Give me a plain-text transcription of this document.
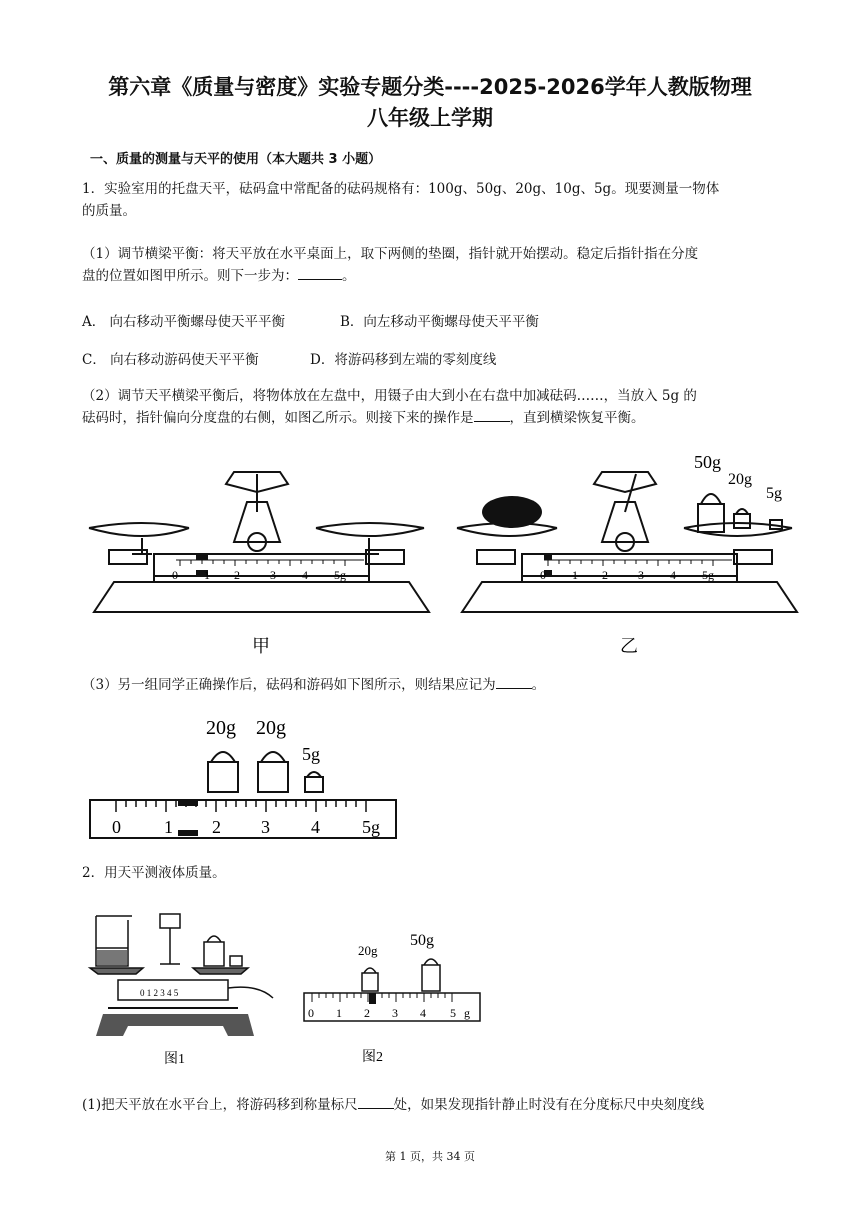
第六章《质量与密度》实验专题分类----2025-2026学年人教版物理
八年级上学期
一、质量的测量与天平的使用（本大题共 3 小题）
1．实验室用的托盘天平，砝码盒中常配备的砝码规格有：100g、50g、20g、10g、5g。现要测量一物体
的质量。
（1）调节横梁平衡：将天平放在水平桌面上，取下两侧的垫圈，指针就开始摆动。稳定后指针指在分度
盘的位置如图甲所示。则下一步为：	。
A． 向右移动平衡螺母使天平平衡	B．向左移动平衡螺母使天平平衡
C． 向右移动游码使天平平衡	D．将游码移到左端的零刻度线
（2）调节天平横梁平衡后，将物体放在左盘中，用镊子由大到小在右盘中加减砝码……，当放入 5g 的
砝码时，指针偏向分度盘的右侧，如图乙所示。则接下来的操作是	，直到横梁恢复平衡。
0 1 2	3 4 5g
甲
0 1 2	3 4 5g
50g
20g
5g
乙
（3）另一组同学正确操作后，砝码和游码如下图所示，则结果应记为	。
20g 20g
5g
0 1 2 3 4 5g
2．用天平测液体质量。
0 1 2 3 4 5
图1
20g
50g
0 1 2 3 4 5 g
图2
(1)把天平放在水平台上，将游码移到称量标尺	处，如果发现指针静止时没有在分度标尺中央刻度线
第 1 页，共 34 页
